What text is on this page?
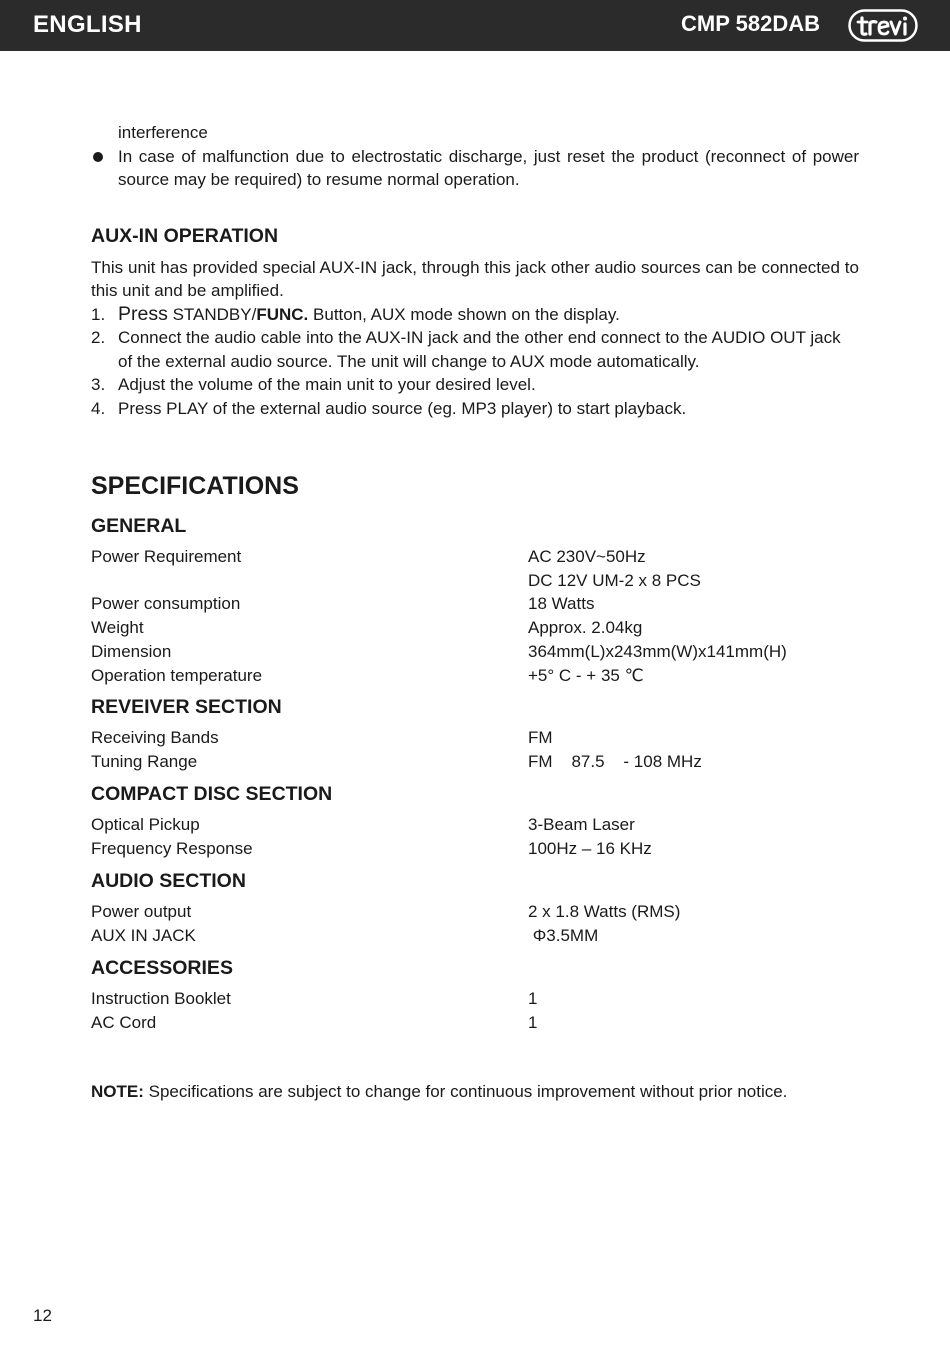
ENGLISH	CMP 582DAB

interference

In case of malfunction due to electrostatic discharge, just reset the product (reconnect of power source may be required) to resume normal operation.
AUX-IN OPERATION

This unit has provided special AUX-IN jack, through this jack other audio sources can be connected to this unit and be amplified.

1. Press STANDBY/FUNC. Button, AUX mode shown on the display.
2. Connect the audio cable into the AUX-IN jack and the other end connect to the AUDIO OUT jack of the external audio source. The unit will change to AUX mode automatically.
3. Adjust the volume of the main unit to your desired level.
4. Press PLAY of the external audio source (eg. MP3 player) to start playback.
SPECIFICATIONS
GENERAL
Power Requirement	AC 230V~50Hz
DC 12V UM-2 x 8 PCS
Power consumption	18 Watts
Weight	Approx. 2.04kg
Dimension	364mm(L)x243mm(W)x141mm(H)
Operation temperature	+5° C - + 35 ℃
REVEIVER SECTION
Receiving Bands	FM
Tuning Range	FM    87.5    - 108 MHz
COMPACT DISC SECTION
Optical Pickup	3-Beam Laser
Frequency Response	100Hz – 16 KHz
AUDIO SECTION
Power output	2 x 1.8 Watts (RMS)
AUX IN JACK	Φ3.5MM
ACCESSORIES
Instruction Booklet	1
AC Cord	1

NOTE: Specifications are subject to change for continuous improvement without prior notice.

12
